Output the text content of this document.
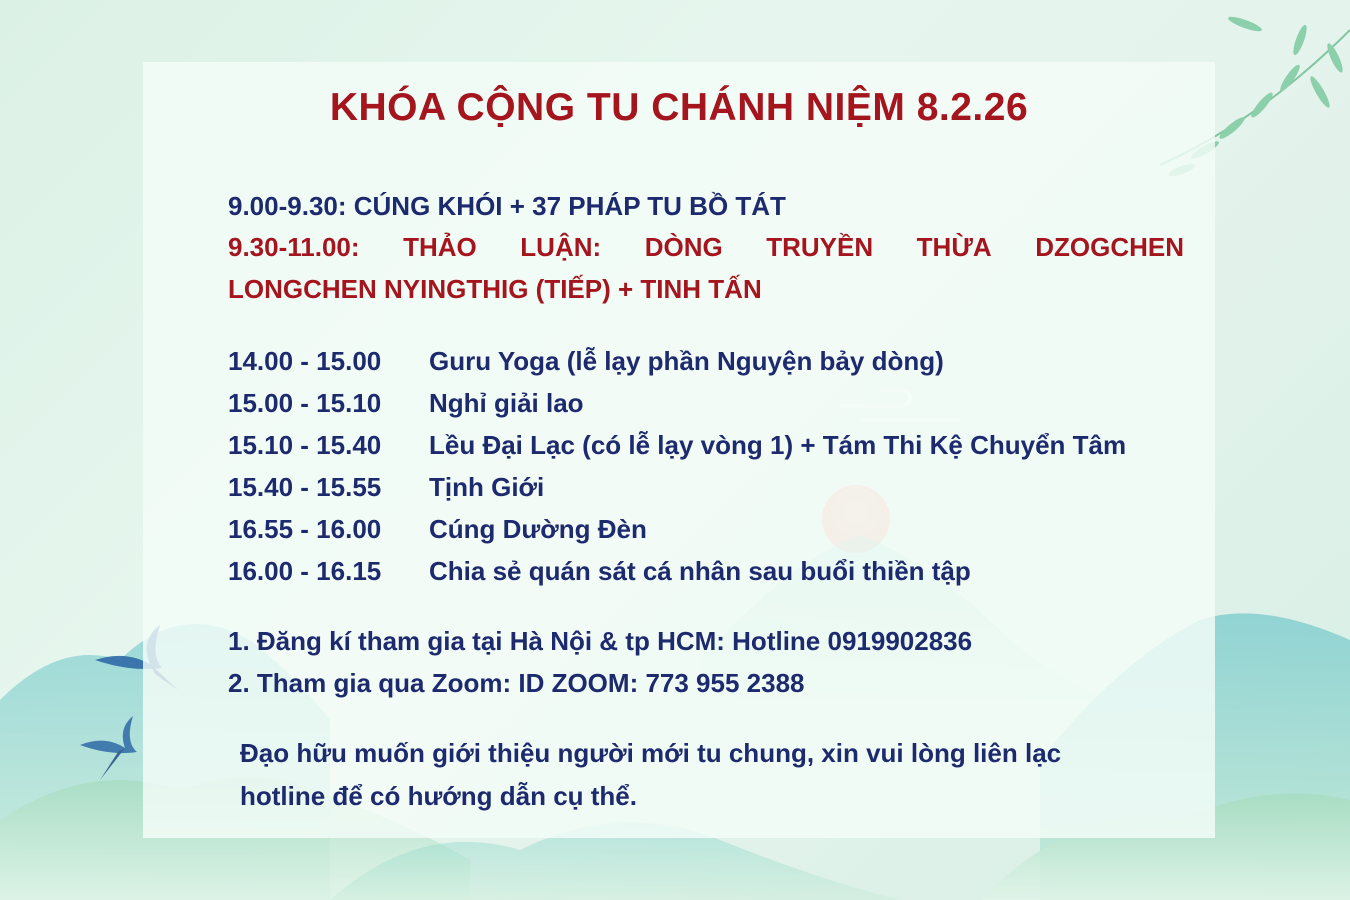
KHÓA CỘNG TU CHÁNH NIỆM 8.2.26
9.00-9.30: CÚNG KHÓI + 37 PHÁP TU BỒ TÁT
9.30-11.00: THẢO LUẬN: DÒNG TRUYỀN THỪA DZOGCHEN
LONGCHEN NYINGTHIG (TIẾP) + TINH TẤN
14.00 - 15.00 Guru Yoga (lễ lạy phần Nguyện bảy dòng)
15.00 - 15.10 Nghỉ giải lao
15.10 - 15.40 Lều Đại Lạc (có lễ lạy vòng 1) + Tám Thi Kệ Chuyển Tâm
15.40 - 15.55 Tịnh Giới
16.55 - 16.00 Cúng Dường Đèn
16.00 - 16.15 Chia sẻ quán sát cá nhân sau buổi thiền tập
1. Đăng kí tham gia tại Hà Nội & tp HCM: Hotline 0919902836
2. Tham gia qua Zoom: ID ZOOM: 773 955 2388
Đạo hữu muốn giới thiệu người mới tu chung, xin vui lòng liên lạc
hotline để có hướng dẫn cụ thể.
